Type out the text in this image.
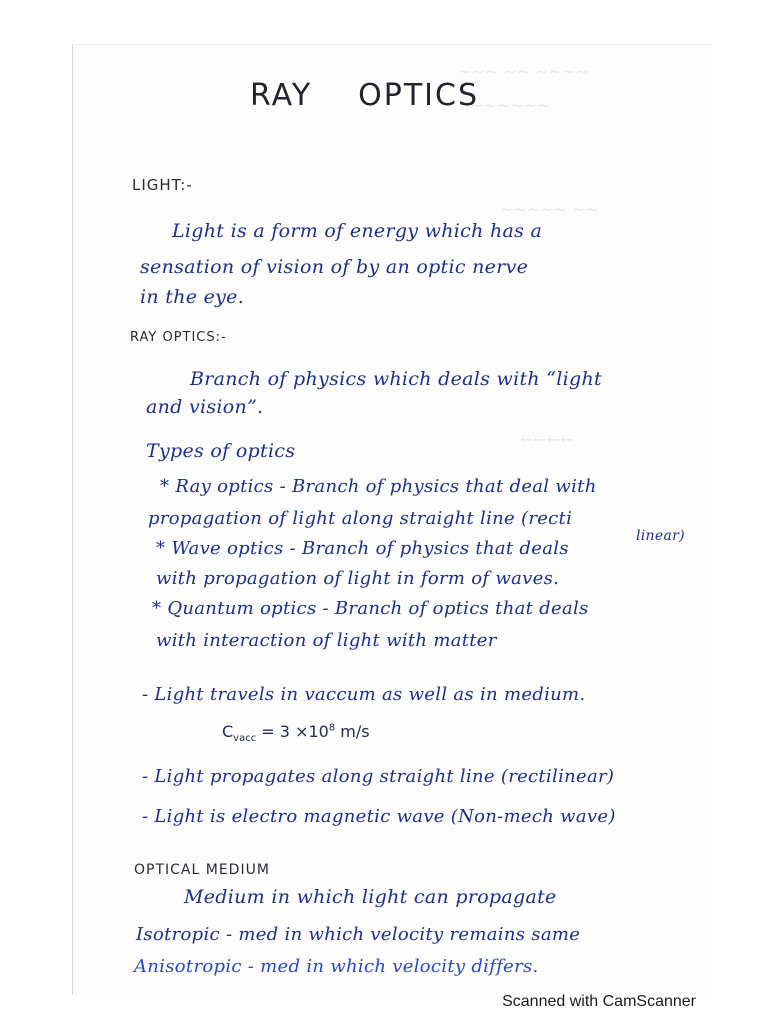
~~~ ~~ ~~~~
~~~~~~
~~~~~ ~~
←←←←
RAY OPTICS
LIGHT:-
Light is a form of energy which has a
sensation of vision of by an optic nerve
in the eye.
RAY OPTICS:-
Branch of physics which deals with “light
and vision”.
Types of optics
* Ray optics - Branch of physics that deal with
propagation of light along straight line (recti
linear)
* Wave optics - Branch of physics that deals
with propagation of light in form of waves.
* Quantum optics - Branch of optics that deals
with interaction of light with matter
- Light travels in vaccum as well as in medium.
$C_{vacc} = 3 \times 10^8$ m/s
- Light propagates along straight line (rectilinear)
- Light is electro magnetic wave (Non-mech wave)
OPTICAL MEDIUM
Medium in which light can propagate
Isotropic - med in which velocity remains same
Anisotropic - med in which velocity differs.
Scanned with CamScanner
